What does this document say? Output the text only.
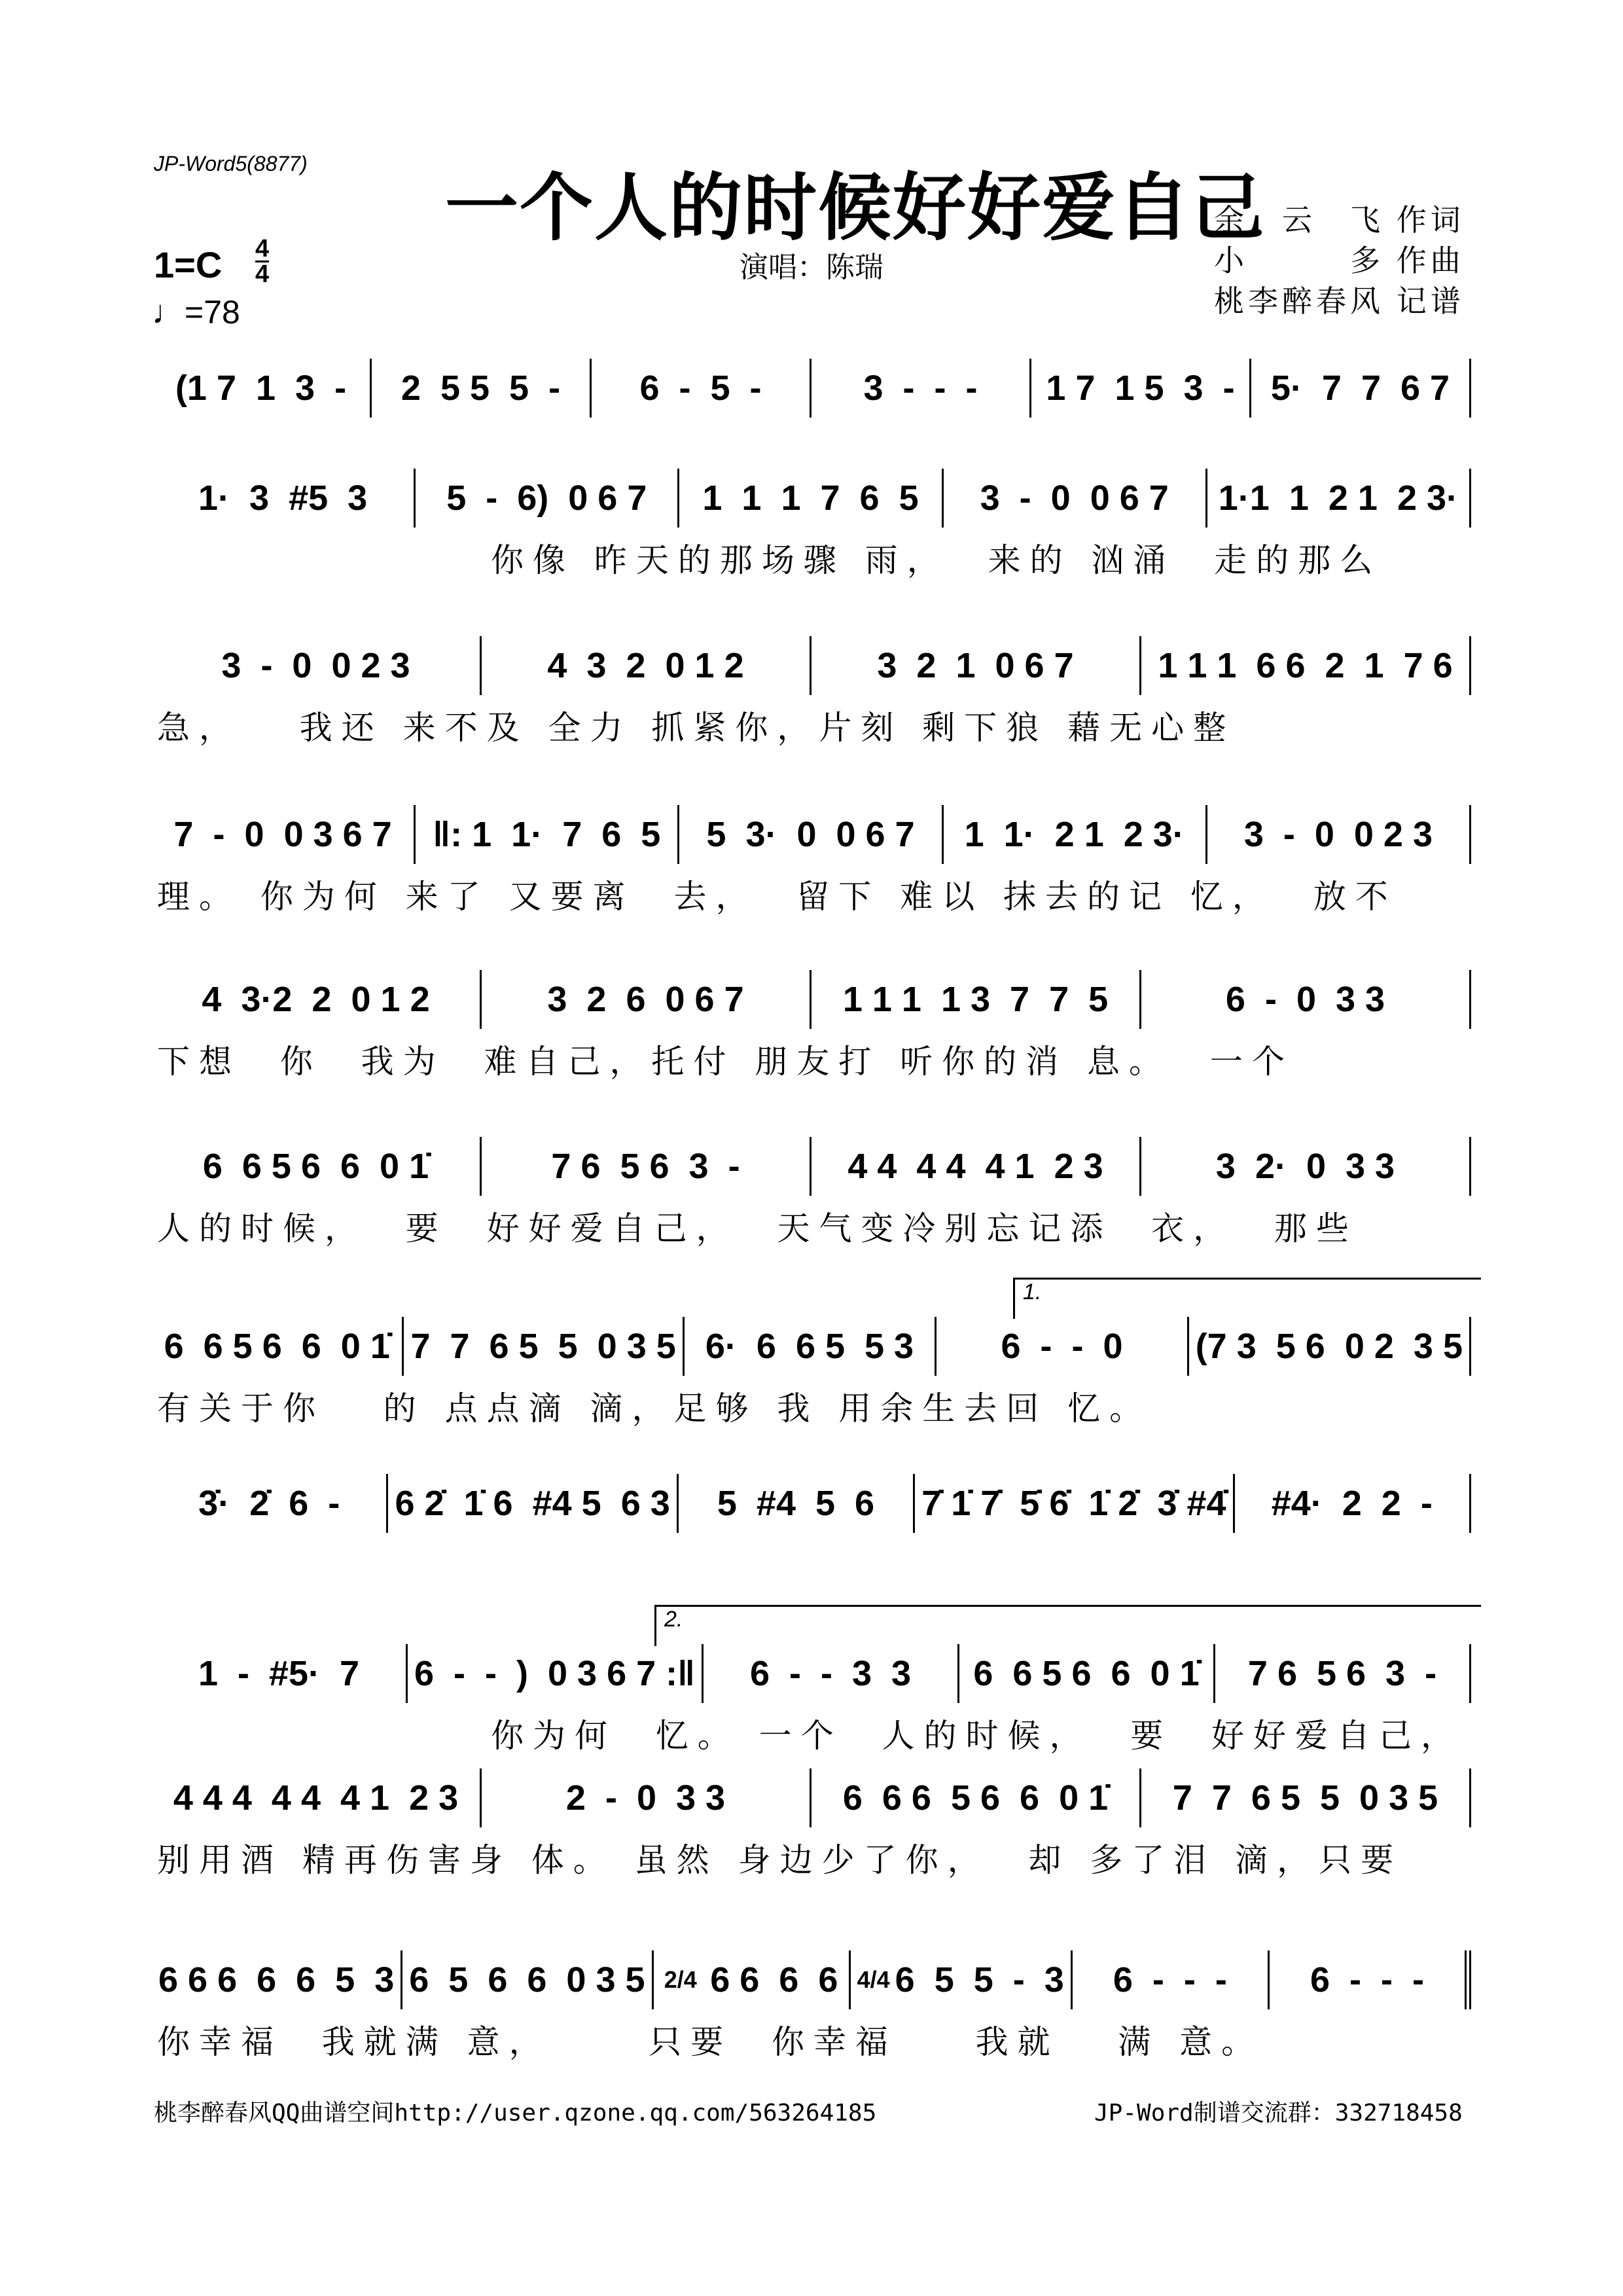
JP-Word5(8877)
一个人的时候好好爱自己
演唱：陈瑞
余　云　飞 作词
小　　　多 作曲
桃李醉春风 记谱
1=C 4
4
♩=78
(1 7  1  3  - 2  5 5  5  - 6  -  5  -	3  -  -  - 1 7  1 5  3  - 5·  7  7  6 7
1·  3  #5  3 5  -  6)  0 6 7 1  1  1  7  6  5 3  -  0  0 6 7 1·1  1  2 1  2 3·
你像 昨天的那场骤 雨，  来的 汹涌  走的那么
3  -  0  0 2 3	4  3  2  0 1 2	3  2  1  0 6 7 1 1 1  6 6  2  1  7 6
急，   我还 来不及 全力 抓紧你，片刻 剩下狼 藉无心整
7  -  0  0 3 6 7 ‖: 1  1·  7  6  5 5  3·  0  0 6 7 1  1·  2 1  2 3· 3  -  0  0 2 3
理。 你为何 来了 又要离  去，  留下 难以 抹去的记 忆，  放不
4  3·2  2  0 1 2	3  2  6  0 6 7	1 1 1  1 3  7  7  5	6  -  0  3 3
下想  你  我为  难自己，托付 朋友打 听你的消 息。  一个
6  6 5 6  6  0 1̇	7 6  5 6  3  -	4 4  4 4  4 1  2 3	3  2·  0  3 3
人的时候，  要  好好爱自己，  天气变冷别忘记添  衣，  那些
6  6 5 6  6  0 1̇ 7  7  6 5  5  0 3 5 6·  6  6 5  5 3 6  -  -  0 (7 3  5 6  0 2  3 5
有关于你   的 点点滴 滴，足够 我 用余生去回 忆。
1.
3̇·  2̇  6  - 6 2̇  1̇ 6  #4 5  6 3 5  #4  5  6 7̇ 1̇ 7̇  5̇ 6̇  1̇ 2̇  3̇ #4̇ #4·  2  2  -
1  -  #5·  7 6  -  -  )  0 3 6 7 :‖ 6  -  -  3  3 6  6 5 6  6  0 1̇ 7 6  5 6  3  -
你为何  忆。 一个  人的时候，  要  好好爱自己，
2.
4 4 4  4 4  4 1  2 3	2  -  0  3 3	6  6 6  5 6  6  0 1̇ 7  7  6 5  5  0 3 5
别用酒 精再伤害身 体。 虽然 身边少了你，  却 多了泪 滴，只要
6 6 6  6  6  5  3 6  5  6  6  0 3 5 2/4 6 6  6  6 4/4 6  5  5  -  3 6  -  -  - 6  -  -  -
你幸福  我就满 意，     只要  你幸福    我就   满 意。
桃李醉春风QQ曲谱空间http://user.qzone.qq.com/563264185	JP-Word制谱交流群：332718458
